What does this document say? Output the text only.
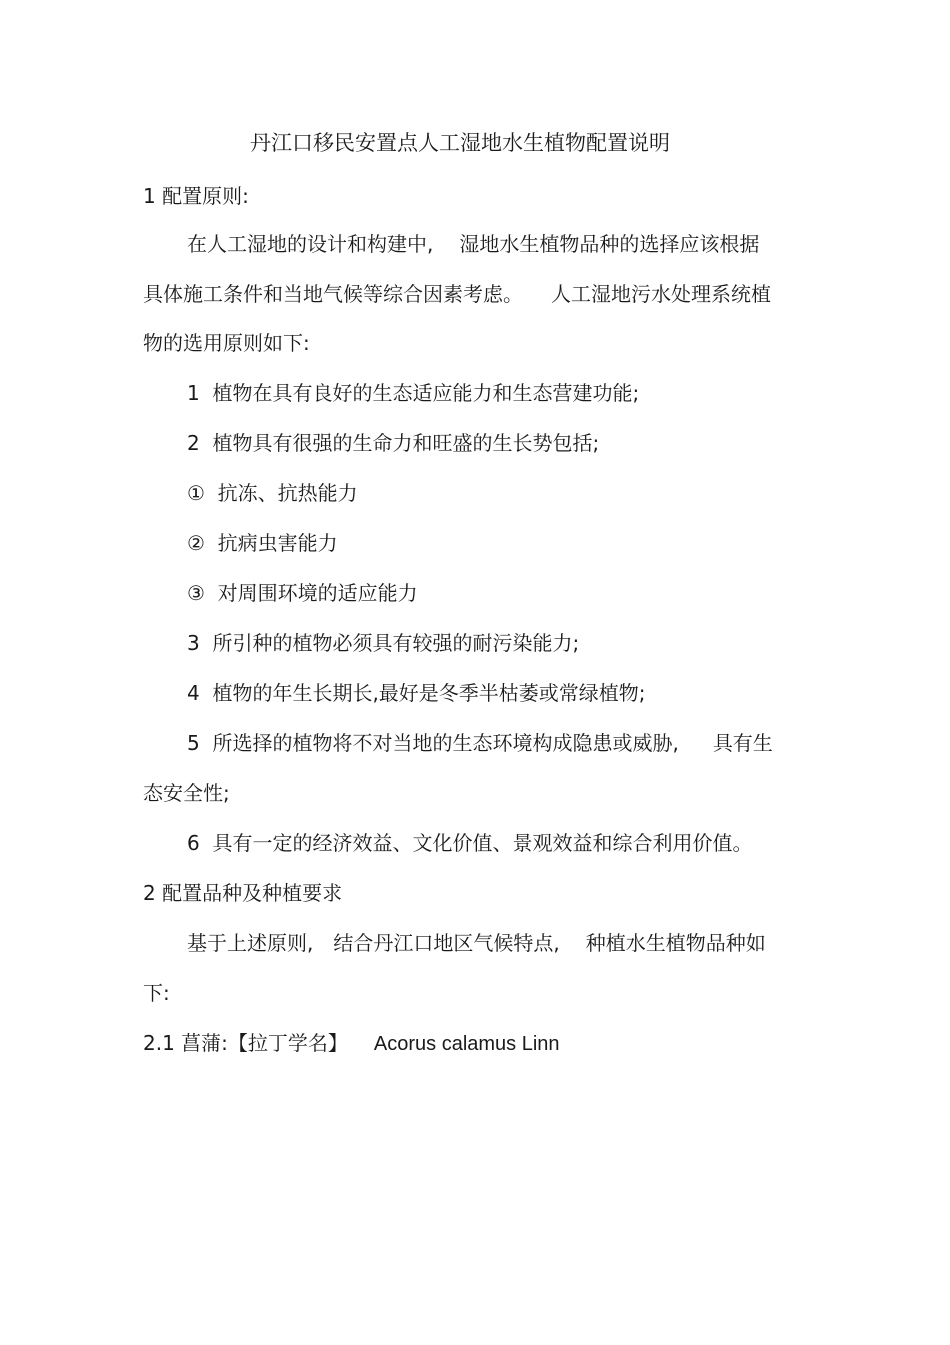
丹江口移民安置点人工湿地水生植物配置说明
1 配置原则:
在人工湿地的设计和构建中, 湿地水生植物品种的选择应该根据
具体施工条件和当地气候等综合因素考虑。 人工湿地污水处理系统植
物的选用原则如下:
1 植物在具有良好的生态适应能力和生态营建功能;
2 植物具有很强的生命力和旺盛的生长势包括;
① 抗冻、抗热能力
② 抗病虫害能力
③ 对周围环境的适应能力
3 所引种的植物必须具有较强的耐污染能力;
4 植物的年生长期长,最好是冬季半枯萎或常绿植物;
5 所选择的植物将不对当地的生态环境构成隐患或威胁, 具有生
态安全性;
6 具有一定的经济效益、文化价值、景观效益和综合利用价值。
2 配置品种及种植要求
基于上述原则, 结合丹江口地区气候特点, 种植水生植物品种如
下:
2.1 菖蒲:【拉丁学名】 Acorus calamus Linn
